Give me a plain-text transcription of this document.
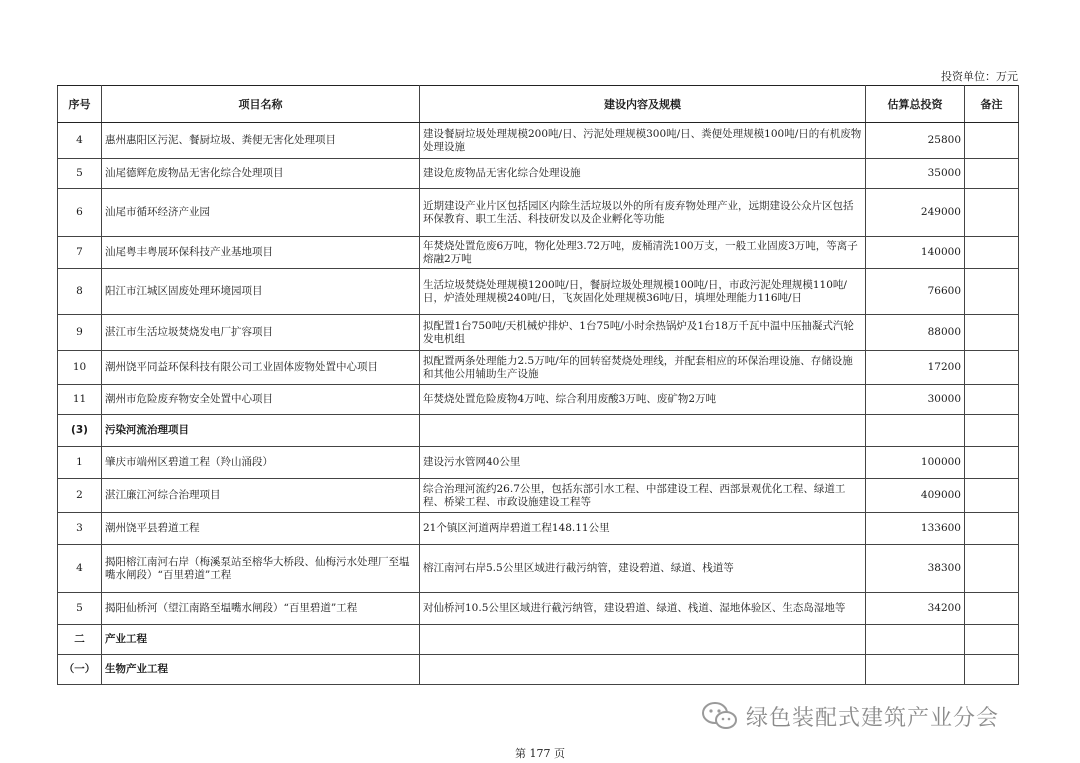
投资单位：万元
序号	项目名称	建设内容及规模	估算总投资	备注
4	惠州惠阳区污泥、餐厨垃圾、粪便无害化处理项目	建设餐厨垃圾处理规模200吨/日、污泥处理规模300吨/日、粪便处理规模100吨/日的有机废物处理设施	25800	
5	汕尾德辉危废物品无害化综合处理项目	建设危废物品无害化综合处理设施	35000	
6	汕尾市循环经济产业园	近期建设产业片区包括园区内除生活垃圾以外的所有废弃物处理产业，远期建设公众片区包括环保教育、职工生活、科技研发以及企业孵化等功能	249000	
7	汕尾粤丰粤展环保科技产业基地项目	年焚烧处置危废6万吨，物化处理3.72万吨，废桶清洗100万支，一般工业固废3万吨，等离子熔融2万吨	140000	
8	阳江市江城区固废处理环境园项目	生活垃圾焚烧处理规模1200吨/日，餐厨垃圾处理规模100吨/日，市政污泥处理规模110吨/日，炉渣处理规模240吨/日，飞灰固化处理规模36吨/日，填埋处理能力116吨/日	76600	
9	湛江市生活垃圾焚烧发电厂扩容项目	拟配置1台750吨/天机械炉排炉、1台75吨/小时余热锅炉及1台18万千瓦中温中压抽凝式汽轮发电机组	88000	
10	潮州饶平同益环保科技有限公司工业固体废物处置中心项目	拟配置两条处理能力2.5万吨/年的回转窑焚烧处理线，并配套相应的环保治理设施、存储设施和其他公用辅助生产设施	17200	
11	潮州市危险废弃物安全处置中心项目	年焚烧处置危险废物4万吨、综合利用废酸3万吨、废矿物2万吨	30000	
(3)	污染河流治理项目			
1	肇庆市端州区碧道工程（羚山涌段）	建设污水管网40公里	100000	
2	湛江廉江河综合治理项目	综合治理河流约26.7公里，包括东部引水工程、中部建设工程、西部景观优化工程、绿道工程、桥梁工程、市政设施建设工程等	409000	
3	潮州饶平县碧道工程	21个镇区河道两岸碧道工程148.11公里	133600	
4	揭阳榕江南河右岸（梅溪泵站至榕华大桥段、仙梅污水处理厂至塭嘴水闸段）“百里碧道”工程	榕江南河右岸5.5公里区域进行截污纳管，建设碧道、绿道、栈道等	38300	
5	揭阳仙桥河（望江南路至塭嘴水闸段）“百里碧道”工程	对仙桥河10.5公里区域进行截污纳管，建设碧道、绿道、栈道、湿地体验区、生态岛湿地等	34200	
二	产业工程			
（一）	生物产业工程			
绿色装配式建筑产业分会
第 177 页
